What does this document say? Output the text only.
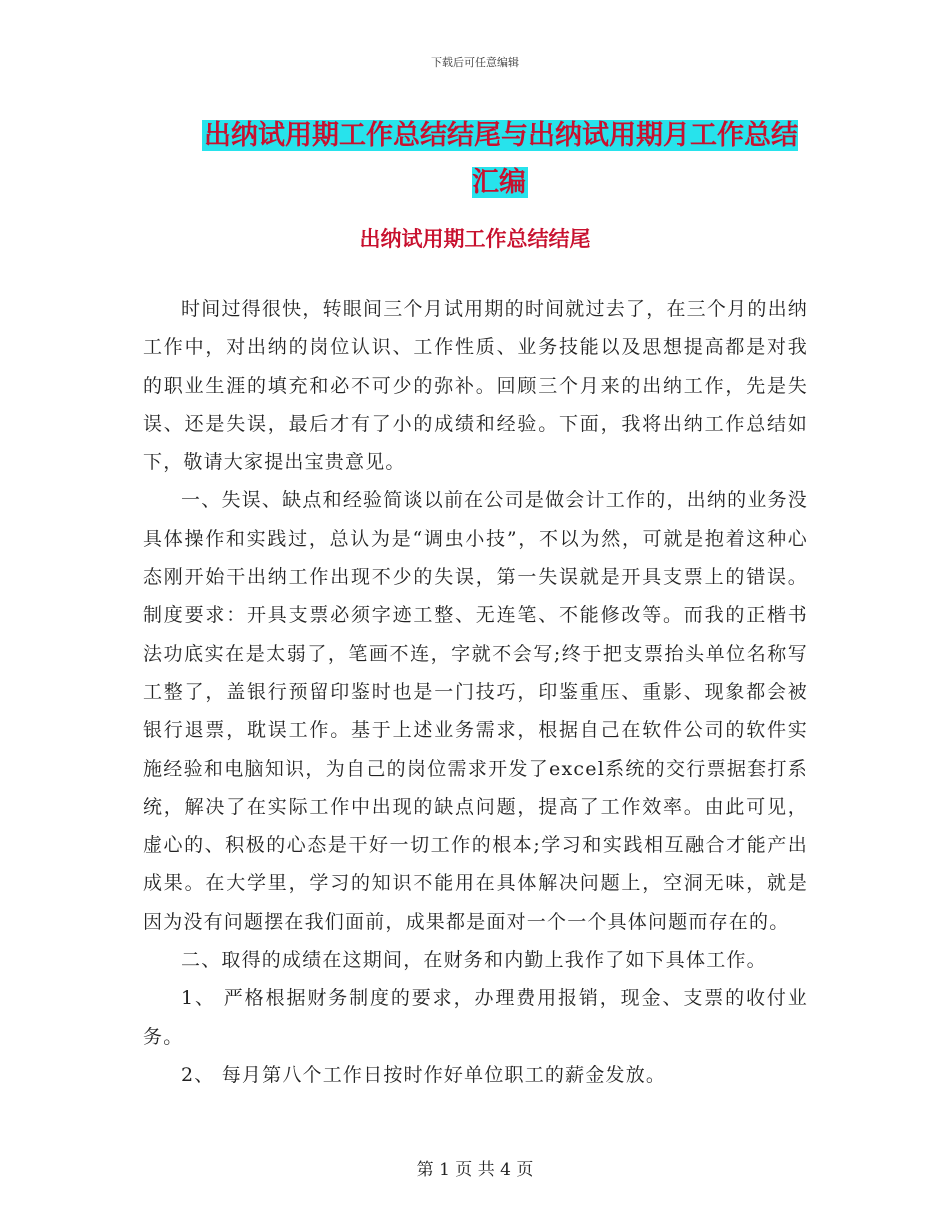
下载后可任意编辑
出纳试用期工作总结结尾与出纳试用期月工作总结汇编
出纳试用期工作总结结尾

时间过得很快，转眼间三个月试用期的时间就过去了，在三个月的出纳工作中，对出纳的岗位认识、工作性质、业务技能以及思想提高都是对我的职业生涯的填充和必不可少的弥补。回顾三个月来的出纳工作，先是失误、还是失误，最后才有了小的成绩和经验。下面，我将出纳工作总结如下，敬请大家提出宝贵意见。

一、失误、缺点和经验简谈以前在公司是做会计工作的，出纳的业务没具体操作和实践过，总认为是“调虫小技”，不以为然，可就是抱着这种心态刚开始干出纳工作出现不少的失误，第一失误就是开具支票上的错误。制度要求：开具支票必须字迹工整、无连笔、不能修改等。而我的正楷书法功底实在是太弱了，笔画不连，字就不会写;终于把支票抬头单位名称写工整了，盖银行预留印鉴时也是一门技巧，印鉴重压、重影、现象都会被银行退票，耽误工作。基于上述业务需求，根据自己在软件公司的软件实施经验和电脑知识，为自己的岗位需求开发了excel系统的交行票据套打系统，解决了在实际工作中出现的缺点问题，提高了工作效率。由此可见，虚心的、积极的心态是干好一切工作的根本;学习和实践相互融合才能产出成果。在大学里，学习的知识不能用在具体解决问题上，空洞无味，就是因为没有问题摆在我们面前，成果都是面对一个一个具体问题而存在的。

二、取得的成绩在这期间，在财务和内勤上我作了如下具体工作。

1、 严格根据财务制度的要求，办理费用报销，现金、支票的收付业务。

2、 每月第八个工作日按时作好单位职工的薪金发放。

第 1 页 共 4 页
